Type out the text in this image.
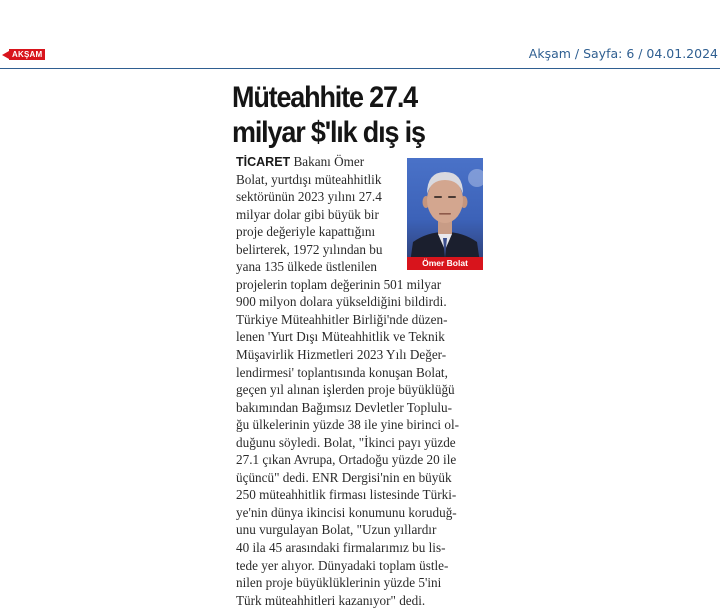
AKŞAM	Akşam / Sayfa: 6 / 04.01.2024
Müteahhite 27.4
milyar $'lık dış iş
Ömer Bolat
TİCARET Bakanı Ömer
Bolat, yurtdışı müteahhitlik
sektörünün 2023 yılını 27.4
milyar dolar gibi büyük bir
proje değeriyle kapattığını
belirterek, 1972 yılından bu
yana 135 ülkede üstlenilen
projelerin toplam değerinin 501 milyar
900 milyon dolara yükseldiğini bildirdi.
Türkiye Müteahhitler Birliği'nde düzen-
lenen 'Yurt Dışı Müteahhitlik ve Teknik
Müşavirlik Hizmetleri 2023 Yılı Değer-
lendirmesi' toplantısında konuşan Bolat,
geçen yıl alınan işlerden proje büyüklüğü
bakımından Bağımsız Devletler Toplulu-
ğu ülkelerinin yüzde 38 ile yine birinci ol-
duğunu söyledi. Bolat, "İkinci payı yüzde
27.1 çıkan Avrupa, Ortadoğu yüzde 20 ile
üçüncü" dedi. ENR Dergisi'nin en büyük
250 müteahhitlik firması listesinde Türki-
ye'nin dünya ikincisi konumunu koruduğ-
unu vurgulayan Bolat, "Uzun yıllardır
40 ila 45 arasındaki firmalarımız bu lis-
tede yer alıyor. Dünyadaki toplam üstle-
nilen proje büyüklüklerinin yüzde 5'ini
Türk müteahhitleri kazanıyor" dedi.
